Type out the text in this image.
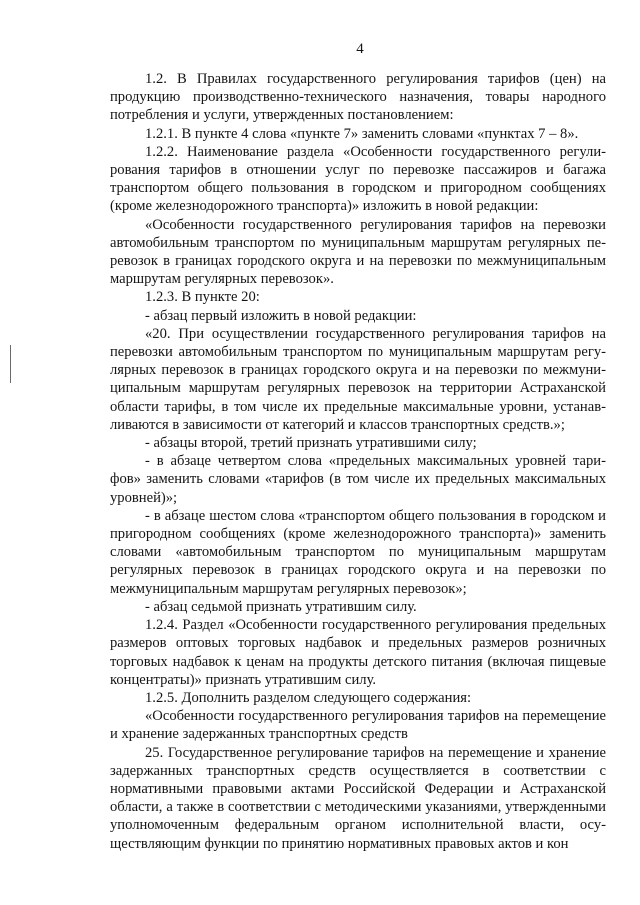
4

1.2. В Правилах государственного регулирования тарифов (цен) на продукцию производственно-технического назначения, товары народного потребления и услуги, утвержденных постановлением:

1.2.1. В пункте 4 слова «пункте 7» заменить словами «пунктах 7 – 8».

1.2.2. Наименование раздела «Особенности государственного регулирования тарифов в отношении услуг по перевозке пассажиров и багажа транспортом общего пользования в городском и пригородном сообщениях (кроме железнодорожного транспорта)» изложить в новой редакции:

«Особенности государственного регулирования тарифов на перевозки автомобильным транспортом по муниципальным маршрутам регулярных перевозок в границах городского округа и на перевозки по межмуниципальным маршрутам регулярных перевозок».

1.2.3. В пункте 20:

- абзац первый изложить в новой редакции:

«20. При осуществлении государственного регулирования тарифов на перевозки автомобильным транспортом по муниципальным маршрутам регулярных перевозок в границах городского округа и на перевозки по межмуниципальным маршрутам регулярных перевозок на территории Астраханской области тарифы, в том числе их предельные максимальные уровни, устанавливаются в зависимости от категорий и классов транспортных средств.»;

- абзацы второй, третий признать утратившими силу;

- в абзаце четвертом слова «предельных максимальных уровней тарифов» заменить словами «тарифов (в том числе их предельных максимальных уровней)»;

- в абзаце шестом слова «транспортом общего пользования в городском и пригородном сообщениях (кроме железнодорожного транспорта)» заменить словами «автомобильным транспортом по муниципальным маршрутам регулярных перевозок в границах городского округа и на перевозки по межмуниципальным маршрутам регулярных перевозок»;

- абзац седьмой признать утратившим силу.

1.2.4. Раздел «Особенности государственного регулирования предельных размеров оптовых торговых надбавок и предельных размеров розничных торговых надбавок к ценам на продукты детского питания (включая пищевые концентраты)» признать утратившим силу.

1.2.5. Дополнить разделом следующего содержания:

«Особенности государственного регулирования тарифов на перемещение и хранение задержанных транспортных средств

25. Государственное регулирование тарифов на перемещение и хранение задержанных транспортных средств осуществляется в соответствии с нормативными правовыми актами Российской Федерации и Астраханской области, а также в соответствии с методическими указаниями, утвержденными уполномоченным федеральным органом исполнительной власти, осуществляющим функции по принятию нормативных правовых актов и кон
